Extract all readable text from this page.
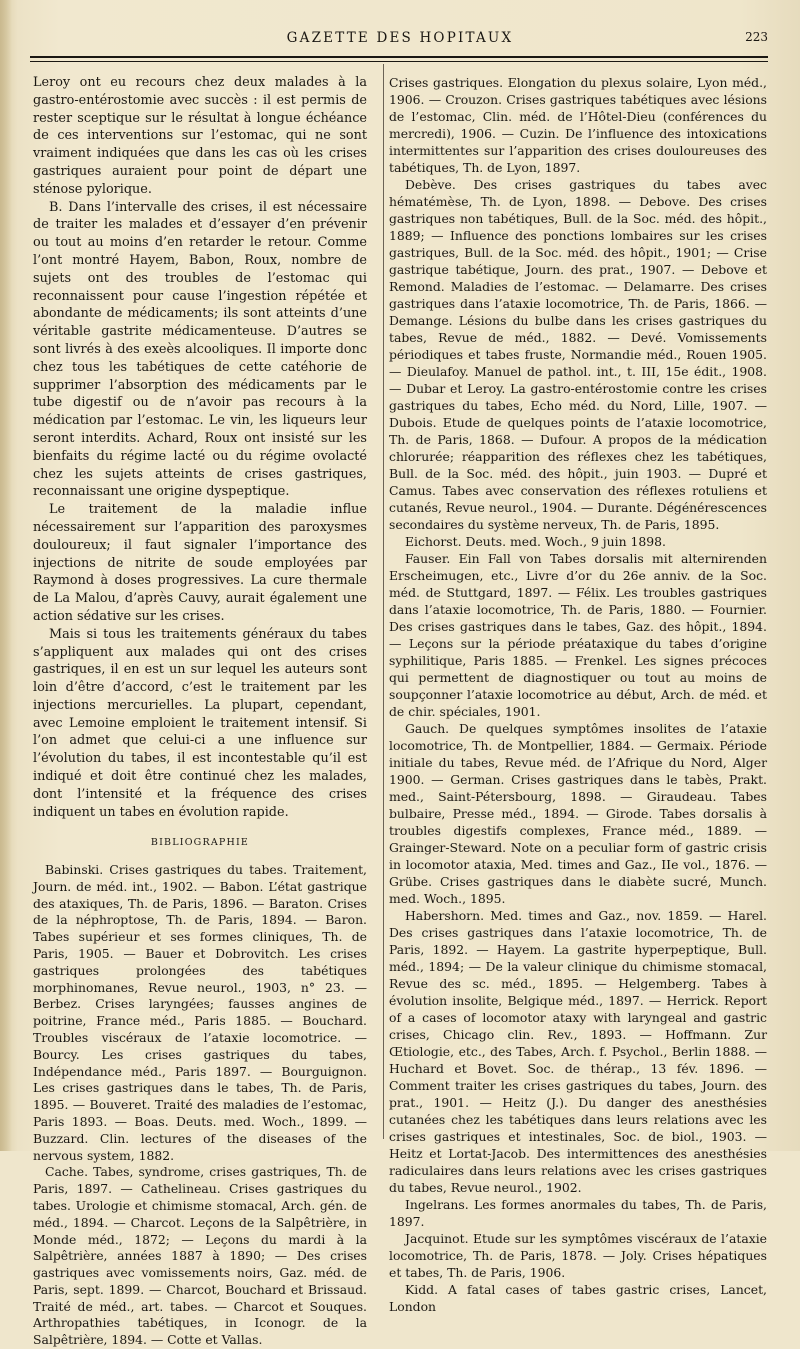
GAZETTE DES HOPITAUX	223

Leroy ont eu recours chez deux malades à la gastro-entérostomie avec succès : il est permis de rester sceptique sur le résultat à longue échéance de ces interventions sur l’estomac, qui ne sont vraiment indiquées que dans les cas où les crises gastriques auraient pour point de départ une sténose pylorique.

B. Dans l’intervalle des crises, il est nécessaire de traiter les malades et d’essayer d’en prévenir ou tout au moins d’en retarder le retour. Comme l’ont montré Hayem, Babon, Roux, nombre de sujets ont des troubles de l’estomac qui reconnaissent pour cause l’ingestion répétée et abondante de médicaments; ils sont atteints d’une véritable gastrite médicamenteuse. D’autres se sont livrés à des exeès alcooliques. Il importe donc chez tous les tabétiques de cette catéhorie de supprimer l’absorption des médicaments par le tube digestif ou de n’avoir pas recours à la médication par l’estomac. Le vin, les liqueurs leur seront interdits. Achard, Roux ont insisté sur les bienfaits du régime lacté ou du régime ovolacté chez les sujets atteints de crises gastriques, reconnaissant une origine dyspeptique.

Le traitement de la maladie influe nécessairement sur l’apparition des paroxysmes douloureux; il faut signaler l’importance des injections de nitrite de soude employées par Raymond à doses progressives. La cure thermale de La Malou, d’après Cauvy, aurait également une action sédative sur les crises.

Mais si tous les traitements généraux du tabes s’appliquent aux malades qui ont des crises gastriques, il en est un sur lequel les auteurs sont loin d’être d’accord, c’est le traitement par les injections mercurielles. La plupart, cependant, avec Lemoine emploient le traitement intensif. Si l’on admet que celui-ci a une influence sur l’évolution du tabes, il est incontestable qu’il est indiqué et doit être continué chez les malades, dont l’intensité et la fréquence des crises indiquent un tabes en évolution rapide.

BIBLIOGRAPHIE

Babinski. Crises gastriques du tabes. Traitement, Journ. de méd. int., 1902. — Babon. L’état gastrique des ataxiques, Th. de Paris, 1896. — Baraton. Crises de la néphroptose, Th. de Paris, 1894. — Baron. Tabes supérieur et ses formes cliniques, Th. de Paris, 1905. — Bauer et Dobrovitch. Les crises gastriques prolongées des tabétiques morphinomanes, Revue neurol., 1903, n° 23. — Berbez. Crises laryngées; fausses angines de poitrine, France méd., Paris 1885. — Bouchard. Troubles viscéraux de l’ataxie locomotrice. — Bourcy. Les crises gastriques du tabes, Indépendance méd., Paris 1897. — Bourguignon. Les crises gastriques dans le tabes, Th. de Paris, 1895. — Bouveret. Traité des maladies de l’estomac, Paris 1893. — Boas. Deuts. med. Woch., 1899. — Buzzard. Clin. lectures of the diseases of the nervous system, 1882.

Cache. Tabes, syndrome, crises gastriques, Th. de Paris, 1897. — Cathelineau. Crises gastriques du tabes. Urologie et chimisme stomacal, Arch. gén. de méd., 1894. — Charcot. Leçons de la Salpêtrière, in Monde méd., 1872; — Leçons du mardi à la Salpêtrière, années 1887 à 1890; — Des crises gastriques avec vomissements noirs, Gaz. méd. de Paris, sept. 1899. — Charcot, Bouchard et Brissaud. Traité de méd., art. tabes. — Charcot et Souques. Arthropathies tabétiques, in Iconogr. de la Salpêtrière, 1894. — Cotte et Vallas.

Crises gastriques. Elongation du plexus solaire, Lyon méd., 1906. — Crouzon. Crises gastriques tabétiques avec lésions de l’estomac, Clin. méd. de l’Hôtel-Dieu (conférences du mercredi), 1906. — Cuzin. De l’influence des intoxications intermittentes sur l’apparition des crises douloureuses des tabétiques, Th. de Lyon, 1897.

Debève. Des crises gastriques du tabes avec hématémèse, Th. de Lyon, 1898. — Debove. Des crises gastriques non tabétiques, Bull. de la Soc. méd. des hôpit., 1889; — Influence des ponctions lombaires sur les crises gastriques, Bull. de la Soc. méd. des hôpit., 1901; — Crise gastrique tabétique, Journ. des prat., 1907. — Debove et Remond. Maladies de l’estomac. — Delamarre. Des crises gastriques dans l’ataxie locomotrice, Th. de Paris, 1866. — Demange. Lésions du bulbe dans les crises gastriques du tabes, Revue de méd., 1882. — Devé. Vomissements périodiques et tabes fruste, Normandie méd., Rouen 1905. — Dieulafoy. Manuel de pathol. int., t. III, 15e édit., 1908. — Dubar et Leroy. La gastro-entérostomie contre les crises gastriques du tabes, Echo méd. du Nord, Lille, 1907. — Dubois. Etude de quelques points de l’ataxie locomotrice, Th. de Paris, 1868. — Dufour. A propos de la médication chlorurée; réapparition des réflexes chez les tabétiques, Bull. de la Soc. méd. des hôpit., juin 1903. — Dupré et Camus. Tabes avec conservation des réflexes rotuliens et cutanés, Revue neurol., 1904. — Durante. Dégénérescences secondaires du système nerveux, Th. de Paris, 1895.

Eichorst. Deuts. med. Woch., 9 juin 1898.

Fauser. Ein Fall von Tabes dorsalis mit alternirenden Erscheimugen, etc., Livre d’or du 26e anniv. de la Soc. méd. de Stuttgard, 1897. — Félix. Les troubles gastriques dans l’ataxie locomotrice, Th. de Paris, 1880. — Fournier. Des crises gastriques dans le tabes, Gaz. des hôpit., 1894. — Leçons sur la période préataxique du tabes d’origine syphilitique, Paris 1885. — Frenkel. Les signes précoces qui permettent de diagnostiquer ou tout au moins de soupçonner l’ataxie locomotrice au début, Arch. de méd. et de chir. spéciales, 1901.

Gauch. De quelques symptômes insolites de l’ataxie locomotrice, Th. de Montpellier, 1884. — Germaix. Période initiale du tabes, Revue méd. de l’Afrique du Nord, Alger 1900. — German. Crises gastriques dans le tabès, Prakt. med., Saint-Pétersbourg, 1898. — Giraudeau. Tabes bulbaire, Presse méd., 1894. — Girode. Tabes dorsalis à troubles digestifs complexes, France méd., 1889. — Grainger-Steward. Note on a peculiar form of gastric crisis in locomotor ataxia, Med. times and Gaz., IIe vol., 1876. — Grübe. Crises gastriques dans le diabète sucré, Munch. med. Woch., 1895.

Habershorn. Med. times and Gaz., nov. 1859. — Harel. Des crises gastriques dans l’ataxie locomotrice, Th. de Paris, 1892. — Hayem. La gastrite hyperpeptique, Bull. méd., 1894; — De la valeur clinique du chimisme stomacal, Revue des sc. méd., 1895. — Helgemberg. Tabes à évolution insolite, Belgique méd., 1897. — Herrick. Report of a cases of locomotor ataxy with laryngeal and gastric crises, Chicago clin. Rev., 1893. — Hoffmann. Zur Œtiologie, etc., des Tabes, Arch. f. Psychol., Berlin 1888. — Huchard et Bovet. Soc. de thérap., 13 fév. 1896. — Comment traiter les crises gastriques du tabes, Journ. des prat., 1901. — Heitz (J.). Du danger des anesthésies cutanées chez les tabétiques dans leurs relations avec les crises gastriques et intestinales, Soc. de biol., 1903. — Heitz et Lortat-Jacob. Des intermittences des anesthésies radiculaires dans leurs relations avec les crises gastriques du tabes, Revue neurol., 1902.

Ingelrans. Les formes anormales du tabes, Th. de Paris, 1897.

Jacquinot. Etude sur les symptômes viscéraux de l’ataxie locomotrice, Th. de Paris, 1878. — Joly. Crises hépatiques et tabes, Th. de Paris, 1906.

Kidd. A fatal cases of tabes gastric crises, Lancet, London
